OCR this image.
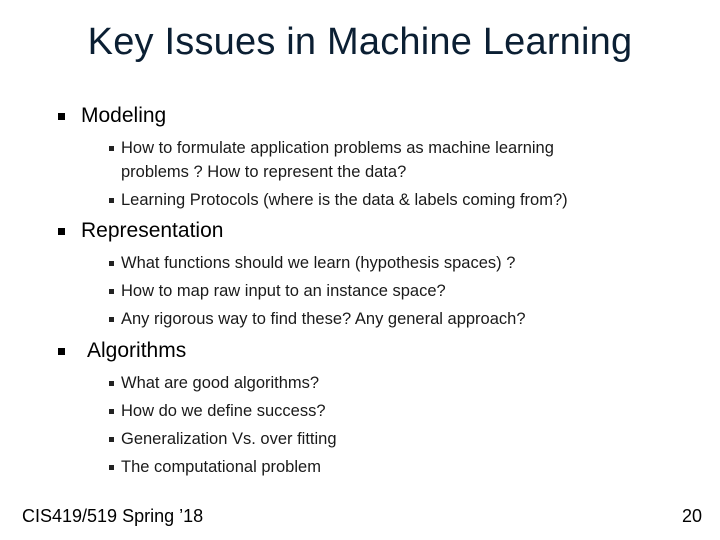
Key Issues in Machine Learning
Modeling
How to formulate application problems as machine learning problems ? How to represent the data?
Learning Protocols (where is the data & labels coming from?)
Representation
What functions should we learn (hypothesis spaces) ?
How to map raw input to an instance space?
Any rigorous way to find these? Any general approach?
Algorithms
What are good algorithms?
How do we define success?
Generalization Vs. over fitting
The computational problem
CIS419/519 Spring ’18	20
